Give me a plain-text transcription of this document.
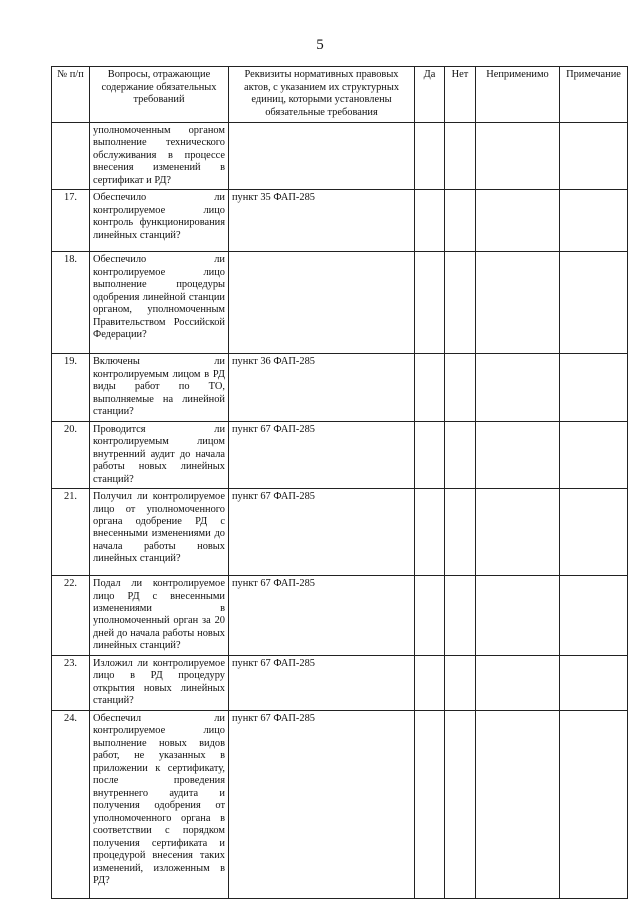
5
№ п/п	Вопросы, отражающие содержание обязательных требований	Реквизиты нормативных правовых актов, с указанием их структурных единиц, которыми установлены обязательные требования	Да	Нет	Неприменимо	Примечание
	уполномоченным органом выполнение технического обслуживания в процессе внесения изменений в сертификат и РД?					
17.	Обеспечило ли контролируемое лицо контроль функционирования линейных станций?	пункт 35 ФАП-285				
18.	Обеспечило ли контролируемое лицо выполнение процедуры одобрения линейной станции органом, уполномоченным Правительством Российской Федерации?					
19.	Включены ли контролируемым лицом в РД виды работ по ТО, выполняемые на линейной станции?	пункт 36 ФАП-285				
20.	Проводится ли контролируемым лицом внутренний аудит до начала работы новых линейных станций?	пункт 67 ФАП-285				
21.	Получил ли контролируемое лицо от уполномоченного органа одобрение РД с внесенными изменениями до начала работы новых линейных станций?	пункт 67 ФАП-285				
22.	Подал ли контролируемое лицо РД с внесенными изменениями в уполномоченный орган за 20 дней до начала работы новых линейных станций?	пункт 67 ФАП-285				
23.	Изложил ли контролируемое лицо в РД процедуру открытия новых линейных станций?	пункт 67 ФАП-285				
24.	Обеспечил ли контролируемое лицо выполнение новых видов работ, не указанных в приложении к сертификату, после проведения внутреннего аудита и получения одобрения от уполномоченного органа в соответствии с порядком получения сертификата и процедурой внесения таких изменений, изложенным в РД?	пункт 67 ФАП-285				
